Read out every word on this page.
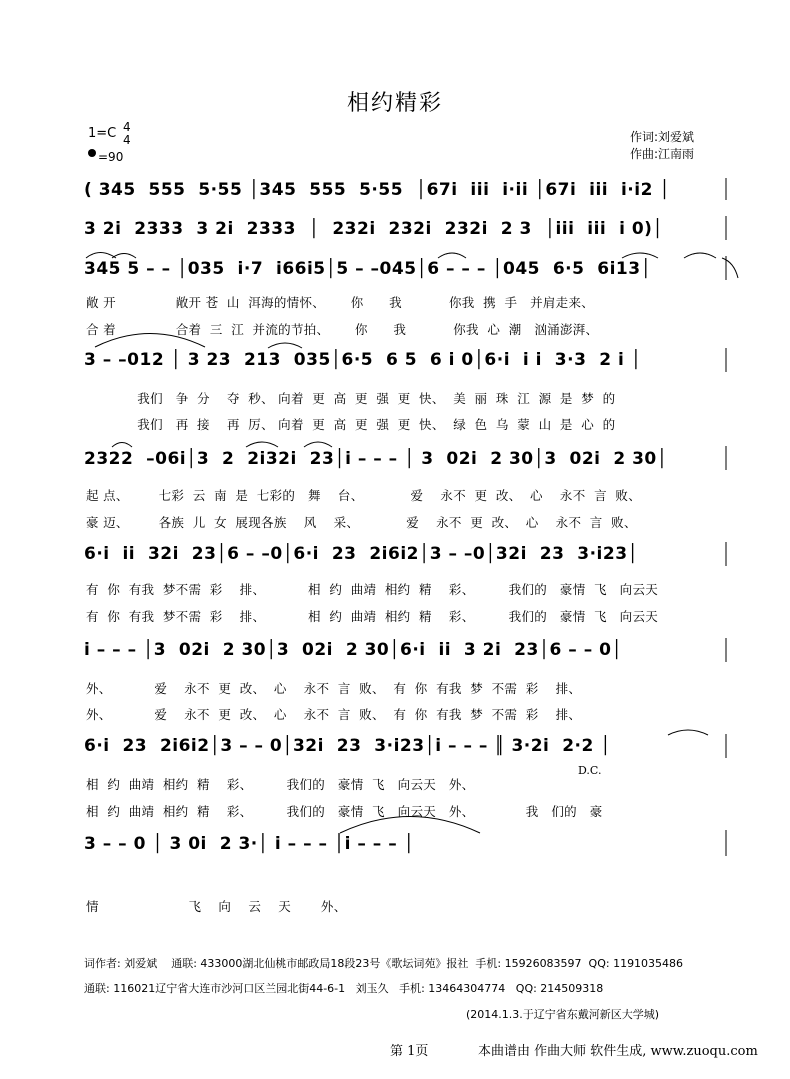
相约精彩
1=C 4
4
=90
作词:刘爱斌
作曲:江南雨
( 345  555  5·55 │345  555  5·55  │67i  iii  i·ii │67i  iii  i·i2 │
3 2i  2333  3 2i  2333  │  232i  232i  232i  2 3  │iii  iii  i 0)│
345 5 – – │035  i·7  i66i5│5 – –045│6 – – – │045  6·5  6i13│
敞 开              敞开 苍  山  洱海的情怀、      你      我           你我  携  手   并肩走来、
合 着              合着  三  江  并流的节拍、      你      我           你我  心  潮   汹涌澎湃、
3 – –012 │ 3 23  213  035│6·5  6 5  6 i 0│6·i  i i  3·3  2 i │
我们   争  分    夺  秒、 向着  更  高  更  强  更  快、  美  丽  珠  江  源  是  梦  的
我们   再  接    再  厉、 向着  更  高  更  强  更  快、  绿  色  乌  蒙  山  是  心  的
2322  –06i│3  2  2i32i  23│i – – – │ 3  02i  2 30│3  02i  2 30│
起 点、       七彩  云  南  是  七彩的   舞    台、           爱    永不  更  改、  心    永不  言  败、
豪 迈、       各族  儿  女  展现各族    风    采、           爱    永不  更  改、  心    永不  言  败、
6·i  ii  32i  23│6 – –0│6·i  23  2i6i2│3 – –0│32i  23  3·i23│
有  你  有我  梦不需  彩    排、          相  约  曲靖  相约  精    彩、        我们的   豪情  飞   向云天
有  你  有我  梦不需  彩    排、          相  约  曲靖  相约  精    彩、        我们的   豪情  飞   向云天
i – – – │3  02i  2 30│3  02i  2 30│6·i  ii  3 2i  23│6 – – 0│
外、          爱    永不  更  改、  心    永不  言  败、  有  你  有我  梦  不需  彩    排、
外、          爱    永不  更  改、  心    永不  言  败、  有  你  有我  梦  不需  彩    排、
6·i  23  2i6i2│3 – – 0│32i  23  3·i23│i – – – ║ 3·2i  2·2 │
D.C.
相  约  曲靖  相约  精    彩、        我们的   豪情  飞   向云天   外、
相  约  曲靖  相约  精    彩、        我们的   豪情  飞   向云天   外、            我   们的   豪
3 – – 0 │ 3 0i  2 3·│ i – – – │i – – – │
情                     飞    向    云    天       外、
词作者: 刘爱斌    通联: 433000湖北仙桃市邮政局18段23号《歌坛词苑》报社  手机: 15926083597  QQ: 1191035486
通联: 116021辽宁省大连市沙河口区兰园北街44-6-1   刘玉久   手机: 13464304774   QQ: 214509318
(2014.1.3.于辽宁省东戴河新区大学城)
第 1页	本曲谱由 作曲大师 软件生成, www.zuoqu.com
